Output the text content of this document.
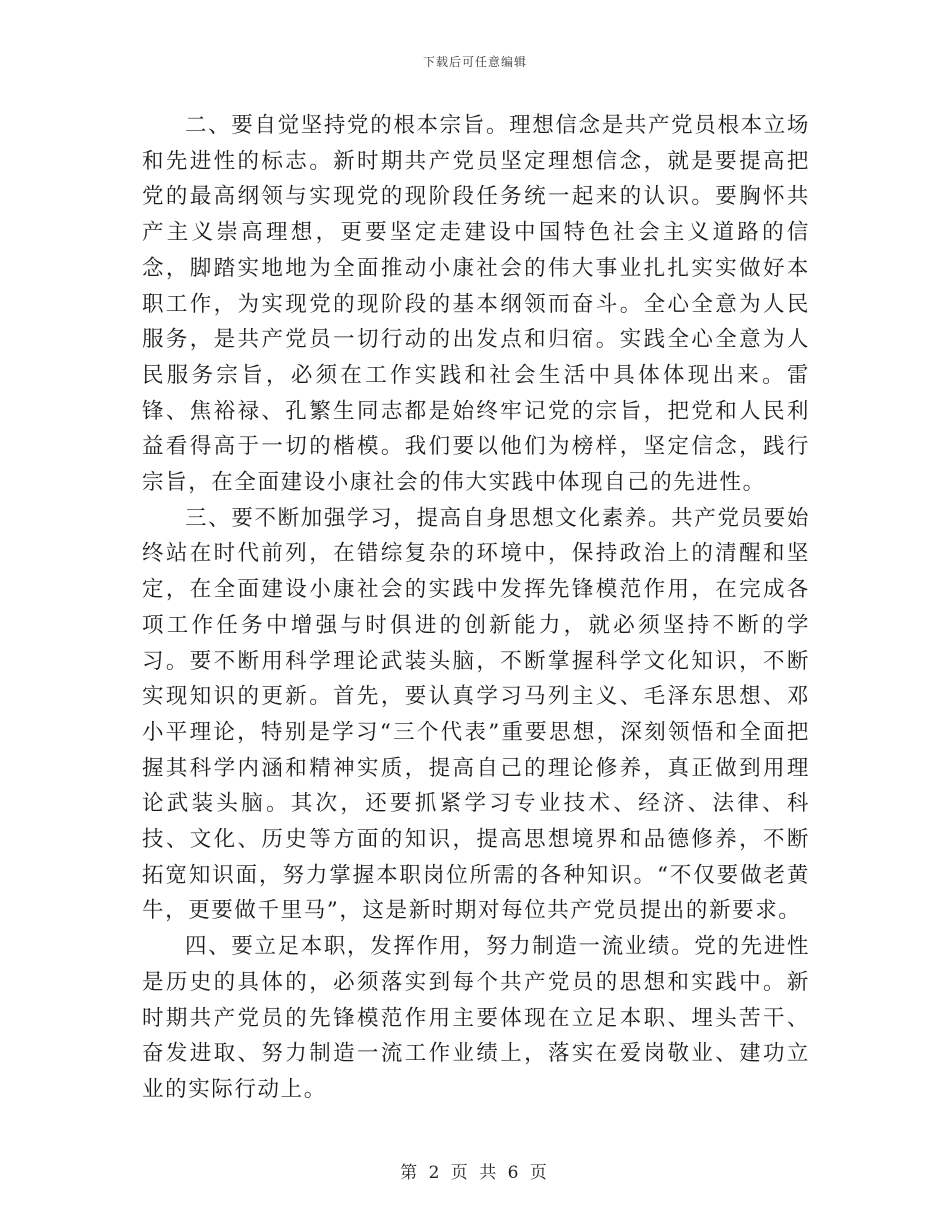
下载后可任意编辑

二、要自觉坚持党的根本宗旨。理想信念是共产党员根本立场和先进性的标志。新时期共产党员坚定理想信念，就是要提高把党的最高纲领与实现党的现阶段任务统一起来的认识。要胸怀共产主义崇高理想，更要坚定走建设中国特色社会主义道路的信念，脚踏实地地为全面推动小康社会的伟大事业扎扎实实做好本职工作，为实现党的现阶段的基本纲领而奋斗。全心全意为人民服务，是共产党员一切行动的出发点和归宿。实践全心全意为人民服务宗旨，必须在工作实践和社会生活中具体体现出来。雷锋、焦裕禄、孔繁生同志都是始终牢记党的宗旨，把党和人民利益看得高于一切的楷模。我们要以他们为榜样，坚定信念，践行宗旨，在全面建设小康社会的伟大实践中体现自己的先进性。

三、要不断加强学习，提高自身思想文化素养。共产党员要始终站在时代前列，在错综复杂的环境中，保持政治上的清醒和坚定，在全面建设小康社会的实践中发挥先锋模范作用，在完成各项工作任务中增强与时俱进的创新能力，就必须坚持不断的学习。要不断用科学理论武装头脑，不断掌握科学文化知识，不断实现知识的更新。首先，要认真学习马列主义、毛泽东思想、邓小平理论，特别是学习“三个代表”重要思想，深刻领悟和全面把握其科学内涵和精神实质，提高自己的理论修养，真正做到用理论武装头脑。其次，还要抓紧学习专业技术、经济、法律、科技、文化、历史等方面的知识，提高思想境界和品德修养，不断拓宽知识面，努力掌握本职岗位所需的各种知识。“不仅要做老黄牛，更要做千里马”，这是新时期对每位共产党员提出的新要求。

四、要立足本职，发挥作用，努力制造一流业绩。党的先进性是历史的具体的，必须落实到每个共产党员的思想和实践中。新时期共产党员的先锋模范作用主要体现在立足本职、埋头苦干、奋发进取、努力制造一流工作业绩上，落实在爱岗敬业、建功立业的实际行动上。

第 2 页 共 6 页
